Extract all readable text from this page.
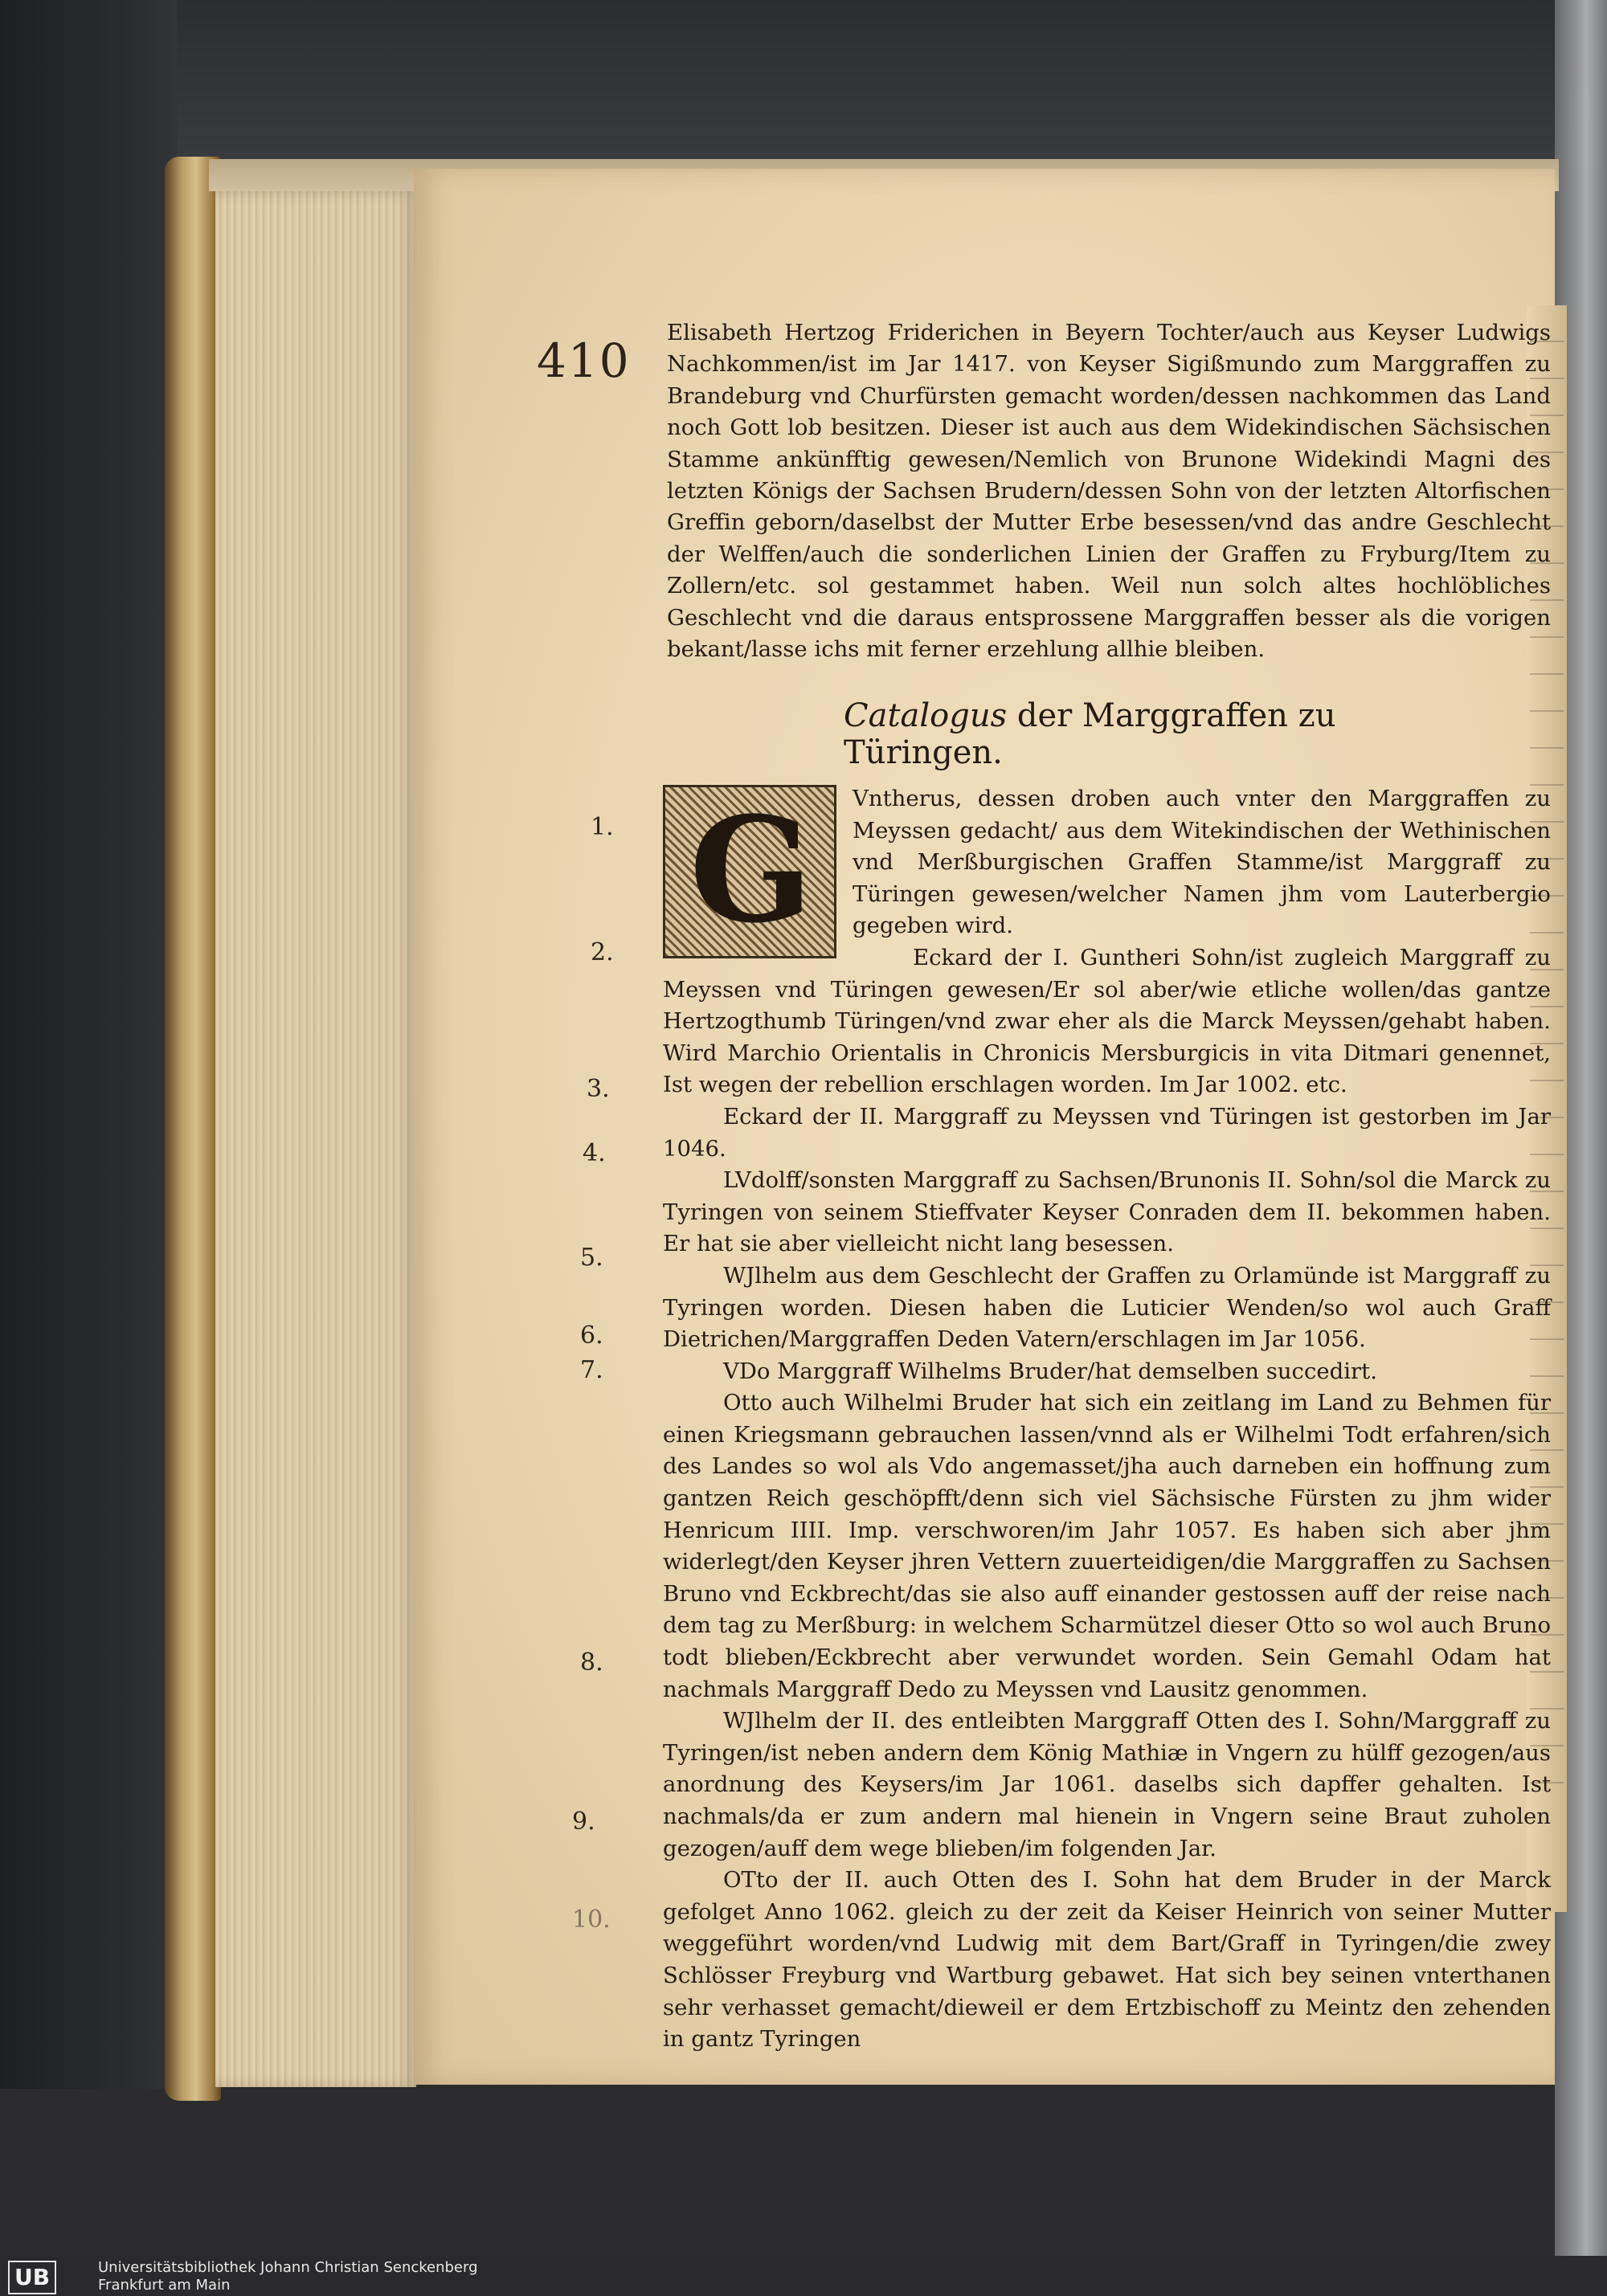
410

Elisabeth Hertzog Friderichen in Beyern Tochter/auch aus Keyser Ludwigs Nachkommen/ist im Jar 1417. von Keyser Sigißmundo zum Marggraffen zu Brandeburg vnd Churfürsten gemacht worden/dessen nachkommen das Land noch Gott lob besitzen. Dieser ist auch aus dem Widekindischen Sächsischen Stamme ankünfftig gewesen/Nemlich von Brunone Widekindi Magni des letzten Königs der Sachsen Brudern/dessen Sohn von der letzten Altorfischen Greffin geborn/daselbst der Mutter Erbe besessen/vnd das andre Geschlecht der Welffen/auch die sonderlichen Linien der Graffen zu Fryburg/Item zu Zollern/etc. sol gestammet haben. Weil nun solch altes hochlöbliches Geschlecht vnd die daraus entsprossene Marggraffen besser als die vorigen bekant/lasse ichs mit ferner erzehlung allhie bleiben.

Catalogus der Marggraffen zu Türingen.
G	Vntherus, dessen droben auch vnter den Marggraffen zu Meyssen gedacht/ aus dem Witekindischen der Wethinischen vnd Merßburgischen Graffen Stamme/ist Marggraff zu Türingen gewesen/welcher Namen jhm vom Lauterbergio gegeben wird.

Eckard der I. Guntheri Sohn/ist zugleich Marggraff zu Meyssen vnd Türingen gewesen/Er sol aber/wie etliche wollen/das gantze Hertzogthumb Türingen/vnd zwar eher als die Marck Meyssen/gehabt haben. Wird Marchio Orientalis in Chronicis Mersburgicis in vita Ditmari genennet, Ist wegen der rebellion erschlagen worden. Im Jar 1002. etc.

Eckard der II. Marggraff zu Meyssen vnd Türingen ist gestorben im Jar 1046.

LVdolff/sonsten Marggraff zu Sachsen/Brunonis II. Sohn/sol die Marck zu Tyringen von seinem Stieffvater Keyser Conraden dem II. bekommen haben. Er hat sie aber vielleicht nicht lang besessen.

WJlhelm aus dem Geschlecht der Graffen zu Orlamünde ist Marggraff zu Tyringen worden. Diesen haben die Luticier Wenden/so wol auch Graff Dietrichen/Marggraffen Deden Vatern/erschlagen im Jar 1056.

VDo Marggraff Wilhelms Bruder/hat demselben succedirt.

Otto auch Wilhelmi Bruder hat sich ein zeitlang im Land zu Behmen für einen Kriegsmann gebrauchen lassen/vnnd als er Wilhelmi Todt erfahren/sich des Landes so wol als Vdo angemasset/jha auch darneben ein hoffnung zum gantzen Reich geschöpfft/denn sich viel Sächsische Fürsten zu jhm wider Henricum IIII. Imp. verschworen/im Jahr 1057. Es haben sich aber jhm widerlegt/den Keyser jhren Vettern zuuerteidigen/die Marggraffen zu Sachsen Bruno vnd Eckbrecht/das sie also auff einander gestossen auff der reise nach dem tag zu Merßburg: in welchem Scharmützel dieser Otto so wol auch Bruno todt blieben/Eckbrecht aber verwundet worden. Sein Gemahl Odam hat nachmals Marggraff Dedo zu Meyssen vnd Lausitz genommen.

WJlhelm der II. des entleibten Marggraff Otten des I. Sohn/Marggraff zu Tyringen/ist neben andern dem König Mathiæ in Vngern zu hülff gezogen/aus anordnung des Keysers/im Jar 1061. daselbs sich dapffer gehalten. Ist nachmals/da er zum andern mal hienein in Vngern seine Braut zuholen gezogen/auff dem wege blieben/im folgenden Jar.

OTto der II. auch Otten des I. Sohn hat dem Bruder in der Marck gefolget Anno 1062. gleich zu der zeit da Keiser Heinrich von seiner Mutter weggeführt worden/vnd Ludwig mit dem Bart/Graff in Tyringen/die zwey Schlösser Freyburg vnd Wartburg gebawet. Hat sich bey seinen vnterthanen sehr verhasset gemacht/dieweil er dem Ertzbischoff zu Meintz den zehenden in gantz Tyringen

1.
2.
3.
4.
5.
6.
7.
8.
9.
10.
UB	Universitätsbibliothek Johann Christian Senckenberg
Frankfurt am Main
